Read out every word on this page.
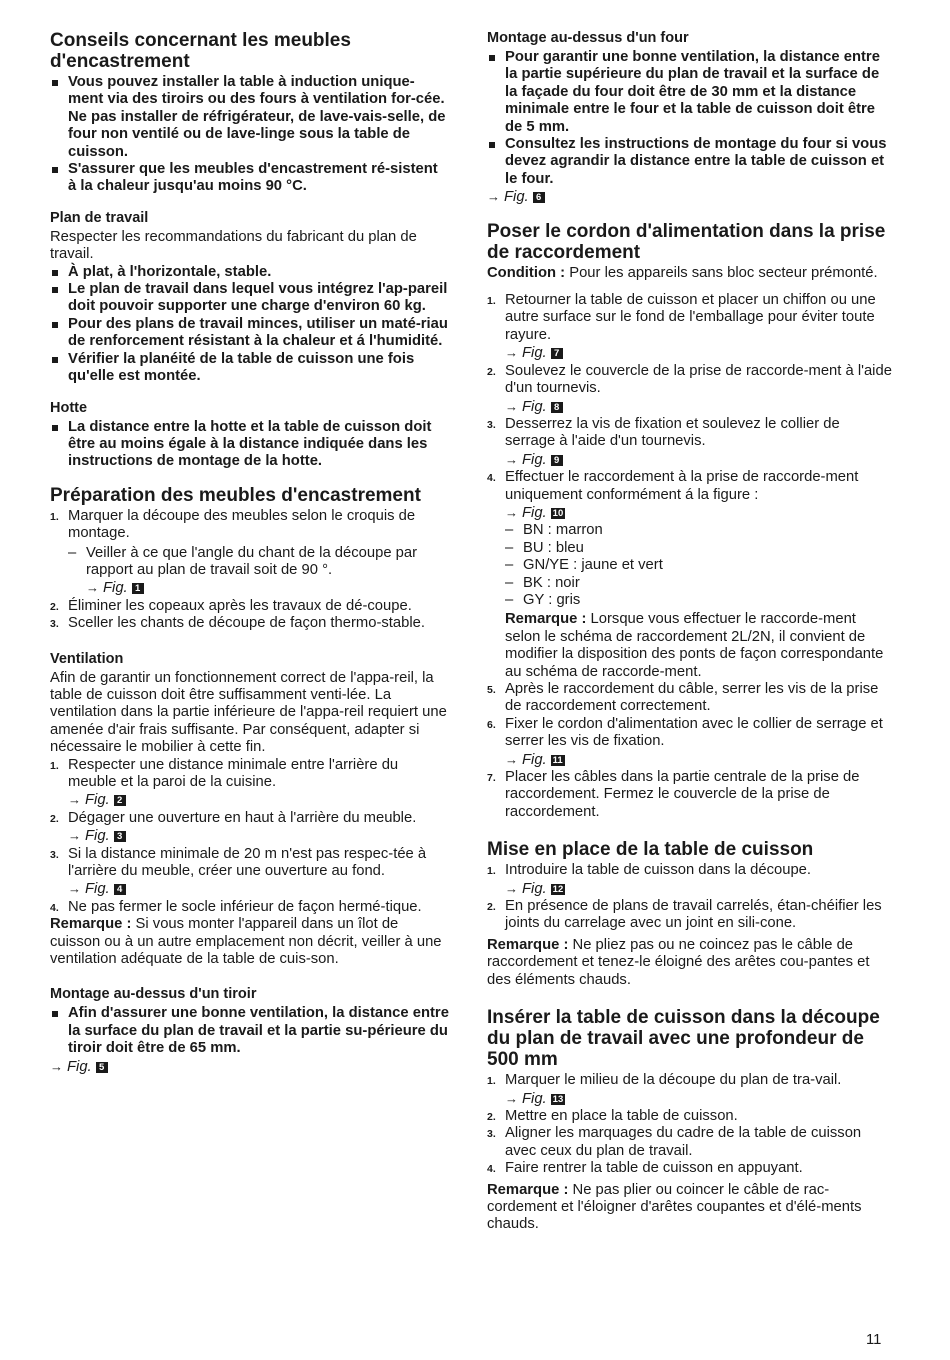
Conseils concernant les meubles d'encastrement
Vous pouvez installer la table à induction unique-ment via des tiroirs ou des fours à ventilation for-cée. Ne pas installer de réfrigérateur, de lave-vais-selle, de four non ventilé ou de lave-linge sous la table de cuisson.
S'assurer que les meubles d'encastrement ré-sistent à la chaleur jusqu'au moins 90 °C.
Plan de travail

Respecter les recommandations du fabricant du plan de travail.

À plat, à l'horizontale, stable.
Le plan de travail dans lequel vous intégrez l'ap-pareil doit pouvoir supporter une charge d'environ 60 kg.
Pour des plans de travail minces, utiliser un maté-riau de renforcement résistant à la chaleur et á l'humidité.
Vérifier la planéité de la table de cuisson une fois qu'elle est montée.
Hotte
La distance entre la hotte et la table de cuisson doit être au moins égale à la distance indiquée dans les instructions de montage de la hotte.
Préparation des meubles d'encastrement
1. Marquer la découpe des meubles selon le croquis de montage.
– Veiller à ce que l'angle du chant de la découpe par rapport au plan de travail soit de 90 °.
→ Fig. 1
2. Éliminer les copeaux après les travaux de dé-coupe.
3. Sceller les chants de découpe de façon thermo-stable.
Ventilation

Afin de garantir un fonctionnement correct de l'appa-reil, la table de cuisson doit être suffisamment venti-lée. La ventilation dans la partie inférieure de l'appa-reil requiert une amenée d'air frais suffisante. Par conséquent, adapter si nécessaire le mobilier à cette fin.

1. Respecter une distance minimale entre l'arrière du meuble et la paroi de la cuisine.
→ Fig. 2
2. Dégager une ouverture en haut à l'arrière du meuble.
→ Fig. 3
3. Si la distance minimale de 20 m n'est pas respec-tée à l'arrière du meuble, créer une ouverture au fond.
→ Fig. 4
4. Ne pas fermer le socle inférieur de façon hermé-tique.

Remarque : Si vous monter l'appareil dans un îlot de cuisson ou à un autre emplacement non décrit, veiller à une ventilation adéquate de la table de cuis-son.

Montage au-dessus d'un tiroir
Afin d'assurer une bonne ventilation, la distance entre la surface du plan de travail et la partie su-périeure du tiroir doit être de 65 mm.
→ Fig. 5
Montage au-dessus d'un four
Pour garantir une bonne ventilation, la distance entre la partie supérieure du plan de travail et la surface de la façade du four doit être de 30 mm et la distance minimale entre le four et la table de cuisson doit être de 5 mm.
Consultez les instructions de montage du four si vous devez agrandir la distance entre la table de cuisson et le four.
→ Fig. 6
Poser le cordon d'alimentation dans la prise de raccordement

Condition : Pour les appareils sans bloc secteur prémonté.

1. Retourner la table de cuisson et placer un chiffon ou une autre surface sur le fond de l'emballage pour éviter toute rayure.
→ Fig. 7
2. Soulevez le couvercle de la prise de raccorde-ment à l'aide d'un tournevis.
→ Fig. 8
3. Desserrez la vis de fixation et soulevez le collier de serrage à l'aide d'un tournevis.
→ Fig. 9
4. Effectuer le raccordement à la prise de raccorde-ment uniquement conformément á la figure :
→ Fig. 10
– BN : marron
– BU : bleu
– GN/YE : jaune et vert
– BK : noir
– GY : gris

Remarque : Lorsque vous effectuer le raccorde-ment selon le schéma de raccordement 2L/2N, il convient de modifier la disposition des ponts de façon correspondante au schéma de raccorde-ment.

5. Après le raccordement du câble, serrer les vis de la prise de raccordement correctement.
6. Fixer le cordon d'alimentation avec le collier de serrage et serrer les vis de fixation.
→ Fig. 11
7. Placer les câbles dans la partie centrale de la prise de raccordement. Fermez le couvercle de la prise de raccordement.
Mise en place de la table de cuisson
1. Introduire la table de cuisson dans la découpe.
→ Fig. 12
2. En présence de plans de travail carrelés, étan-chéifier les joints du carrelage avec un joint en sili-cone.

Remarque : Ne pliez pas ou ne coincez pas le câble de raccordement et tenez-le éloigné des arêtes cou-pantes et des éléments chauds.

Insérer la table de cuisson dans la découpe du plan de travail avec une profondeur de 500 mm
1. Marquer le milieu de la découpe du plan de tra-vail.
→ Fig. 13
2. Mettre en place la table de cuisson.
3. Aligner les marquages du cadre de la table de cuisson avec ceux du plan de travail.
4. Faire rentrer la table de cuisson en appuyant.

Remarque : Ne pas plier ou coincer le câble de rac-cordement et l'éloigner d'arêtes coupantes et d'élé-ments chauds.

11
